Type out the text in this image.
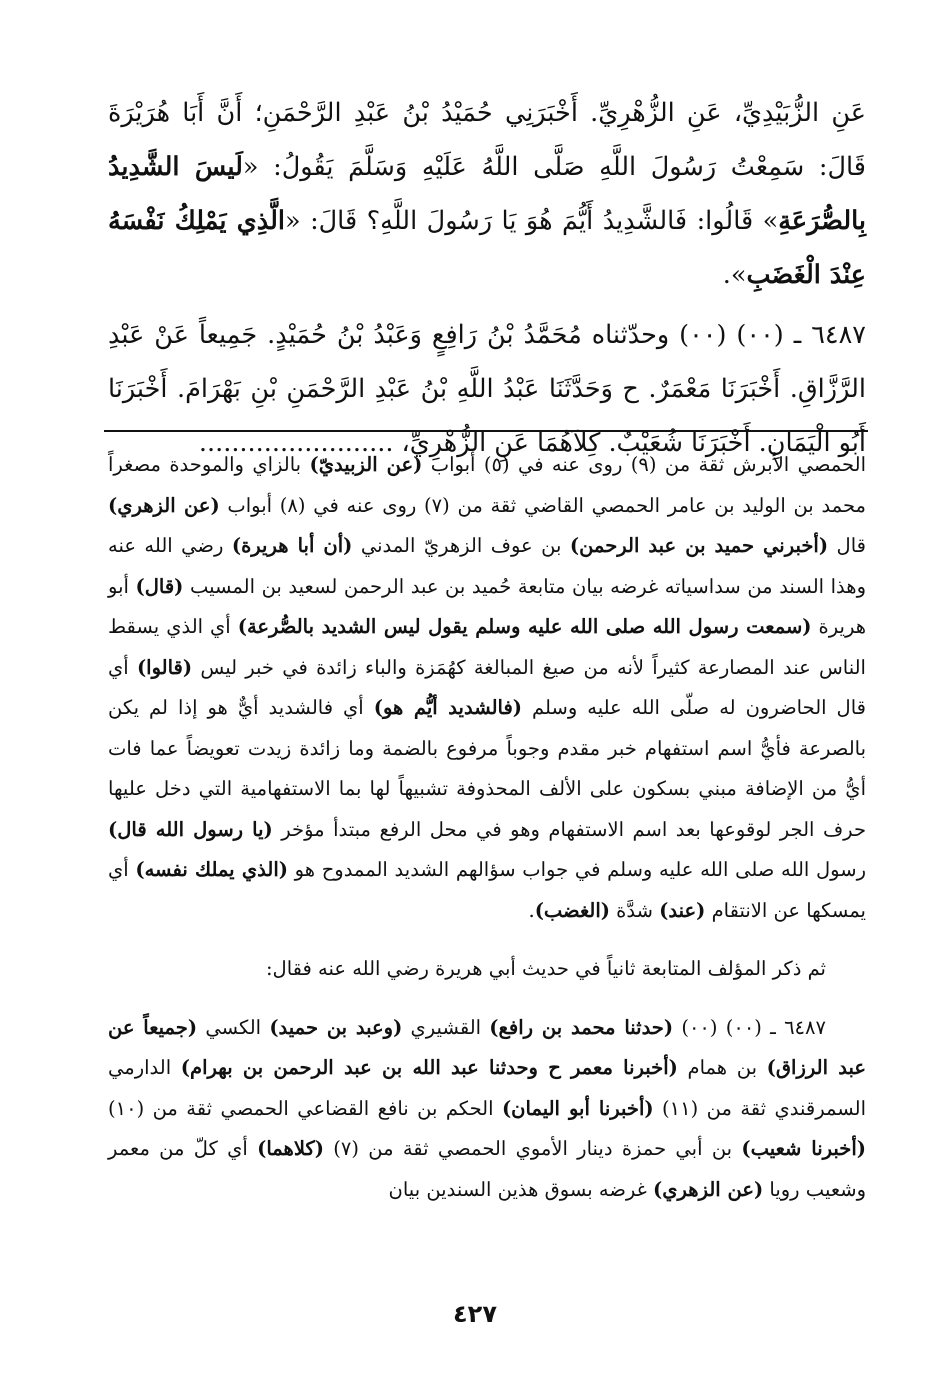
عَنِ الزُّبَيْدِيِّ، عَنِ الزُّهْرِيِّ. أَخْبَرَنِي حُمَيْدُ بْنُ عَبْدِ الرَّحْمَنِ؛ أَنَّ أَبَا هُرَيْرَةَ قَالَ: سَمِعْتُ رَسُولَ اللَّهِ صَلَّى اللَّهُ عَلَيْهِ وَسَلَّمَ يَقُولُ: «لَيسَ الشَّدِيدُ بِالصُّرَعَةِ» قَالُوا: فَالشَّدِيدُ أَيُّمَ هُوَ يَا رَسُولَ اللَّهِ؟ قَالَ: «الَّذِي يَمْلِكُ نَفْسَهُ عِنْدَ الْغَضَبِ».

٦٤٨٧ ـ (٠٠) (٠٠) وحدّثناه مُحَمَّدُ بْنُ رَافِعٍ وَعَبْدُ بْنُ حُمَيْدٍ. جَمِيعاً عَنْ عَبْدِ الرَّزَّاقِ. أَخْبَرَنَا مَعْمَرٌ. ح وَحَدَّثَنَا عَبْدُ اللَّهِ بْنُ عَبْدِ الرَّحْمَنِ بْنِ بَهْرَامَ. أَخْبَرَنَا أَبُو الْيَمَانِ. أَخْبَرَنَا شُعَيْبٌ. كِلاَهُمَا عَنِ الزُّهْرِيِّ، ........................

الحمصي الأبرش ثقة من (٩) روى عنه في (٥) أبواب (عن الزبيديّ) بالزاي والموحدة مصغراً محمد بن الوليد بن عامر الحمصي القاضي ثقة من (٧) روى عنه في (٨) أبواب (عن الزهري) قال (أخبرني حميد بن عبد الرحمن) بن عوف الزهريّ المدني (أن أبا هريرة) رضي الله عنه وهذا السند من سداسياته غرضه بيان متابعة حُميد بن عبد الرحمن لسعيد بن المسيب (قال) أبو هريرة (سمعت رسول الله صلى الله عليه وسلم يقول ليس الشديد بالصُّرعة) أي الذي يسقط الناس عند المصارعة كثيراً لأنه من صيغ المبالغة كهُمَزة والباء زائدة في خبر ليس (قالوا) أي قال الحاضرون له صلّى الله عليه وسلم (فالشديد أيُّم هو) أي فالشديد أيٌّ هو إذا لم يكن بالصرعة فأيُّ اسم استفهام خبر مقدم وجوباً مرفوع بالضمة وما زائدة زيدت تعويضاً عما فات أيُّ من الإضافة مبني بسكون على الألف المحذوفة تشبيهاً لها بما الاستفهامية التي دخل عليها حرف الجر لوقوعها بعد اسم الاستفهام وهو في محل الرفع مبتدأ مؤخر (يا رسول الله قال) رسول الله صلى الله عليه وسلم في جواب سؤالهم الشديد الممدوح هو (الذي يملك نفسه) أي يمسكها عن الانتقام (عند) شدَّة (الغضب).

ثم ذكر المؤلف المتابعة ثانياً في حديث أبي هريرة رضي الله عنه فقال:

٦٤٨٧ ـ (٠٠) (٠٠) (حدثنا محمد بن رافع) القشيري (وعبد بن حميد) الكسي (جميعاً عن عبد الرزاق) بن همام (أخبرنا معمر ح وحدثنا عبد الله بن عبد الرحمن بن بهرام) الدارمي السمرقندي ثقة من (١١) (أخبرنا أبو اليمان) الحكم بن نافع القضاعي الحمصي ثقة من (١٠) (أخبرنا شعيب) بن أبي حمزة دينار الأموي الحمصي ثقة من (٧) (كلاهما) أي كلّ من معمر وشعيب رويا (عن الزهري) غرضه بسوق هذين السندين بيان

٤٢٧
